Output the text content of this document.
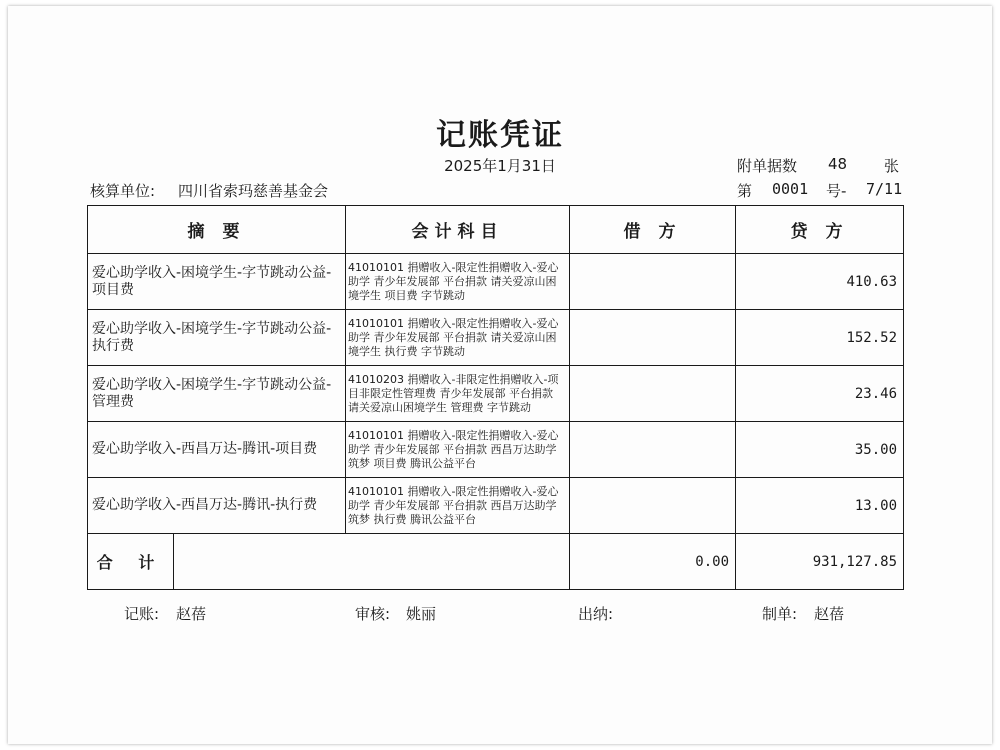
记账凭证
2025年1月31日	附单据数 48 张
核算单位: 四川省索玛慈善基金会	第 0001 号- 7/11
摘 要		会计科目	借 方	贷 方
爱心助学收入-困境学生-字节跳动公益-项目费		41010101 捐赠收入-限定性捐赠收入-爱心助学 青少年发展部 平台捐款 请关爱凉山困境学生 项目费 字节跳动		410.63
爱心助学收入-困境学生-字节跳动公益-执行费		41010101 捐赠收入-限定性捐赠收入-爱心助学 青少年发展部 平台捐款 请关爱凉山困境学生 执行费 字节跳动		152.52
爱心助学收入-困境学生-字节跳动公益-管理费		41010203 捐赠收入-非限定性捐赠收入-项目非限定性管理费 青少年发展部 平台捐款 请关爱凉山困境学生 管理费 字节跳动		23.46
爱心助学收入-西昌万达-腾讯-项目费		41010101 捐赠收入-限定性捐赠收入-爱心助学 青少年发展部 平台捐款 西昌万达助学筑梦 项目费 腾讯公益平台		35.00
爱心助学收入-西昌万达-腾讯-执行费		41010101 捐赠收入-限定性捐赠收入-爱心助学 青少年发展部 平台捐款 西昌万达助学筑梦 执行费 腾讯公益平台		13.00
合 计			0.00	931,127.85
记账: 赵蓓	审核: 姚丽	出纳:	制单: 赵蓓
